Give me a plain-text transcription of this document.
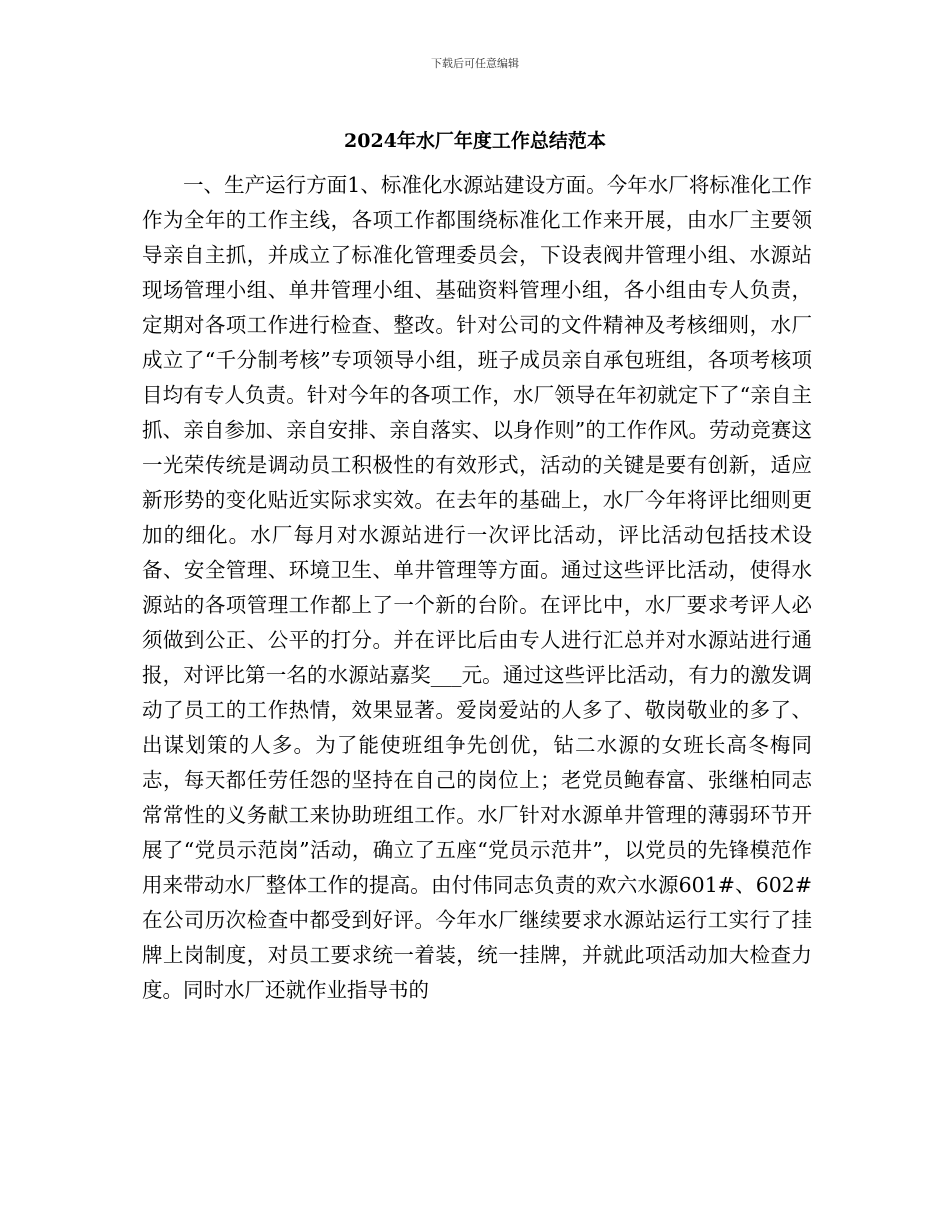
下载后可任意编辑
2024年水厂年度工作总结范本

一、生产运行方面1、标准化水源站建设方面。今年水厂将标准化工作作为全年的工作主线，各项工作都围绕标准化工作来开展，由水厂主要领导亲自主抓，并成立了标准化管理委员会，下设表阀井管理小组、水源站现场管理小组、单井管理小组、基础资料管理小组，各小组由专人负责，定期对各项工作进行检查、整改。针对公司的文件精神及考核细则，水厂成立了“千分制考核”专项领导小组，班子成员亲自承包班组，各项考核项目均有专人负责。针对今年的各项工作，水厂领导在年初就定下了“亲自主抓、亲自参加、亲自安排、亲自落实、以身作则”的工作作风。劳动竞赛这一光荣传统是调动员工积极性的有效形式，活动的关键是要有创新，适应新形势的变化贴近实际求实效。在去年的基础上，水厂今年将评比细则更加的细化。水厂每月对水源站进行一次评比活动，评比活动包括技术设备、安全管理、环境卫生、单井管理等方面。通过这些评比活动，使得水源站的各项管理工作都上了一个新的台阶。在评比中，水厂要求考评人必须做到公正、公平的打分。并在评比后由专人进行汇总并对水源站进行通报，对评比第一名的水源站嘉奖___元。通过这些评比活动，有力的激发调动了员工的工作热情，效果显著。爱岗爱站的人多了、敬岗敬业的多了、出谋划策的人多。为了能使班组争先创优，钻二水源的女班长高冬梅同志，每天都任劳任怨的坚持在自己的岗位上；老党员鲍春富、张继柏同志常常性的义务献工来协助班组工作。水厂针对水源单井管理的薄弱环节开展了“党员示范岗”活动，确立了五座“党员示范井”，以党员的先锋模范作用来带动水厂整体工作的提高。由付伟同志负责的欢六水源601#、602#在公司历次检查中都受到好评。今年水厂继续要求水源站运行工实行了挂牌上岗制度，对员工要求统一着装，统一挂牌，并就此项活动加大检查力度。同时水厂还就作业指导书的
